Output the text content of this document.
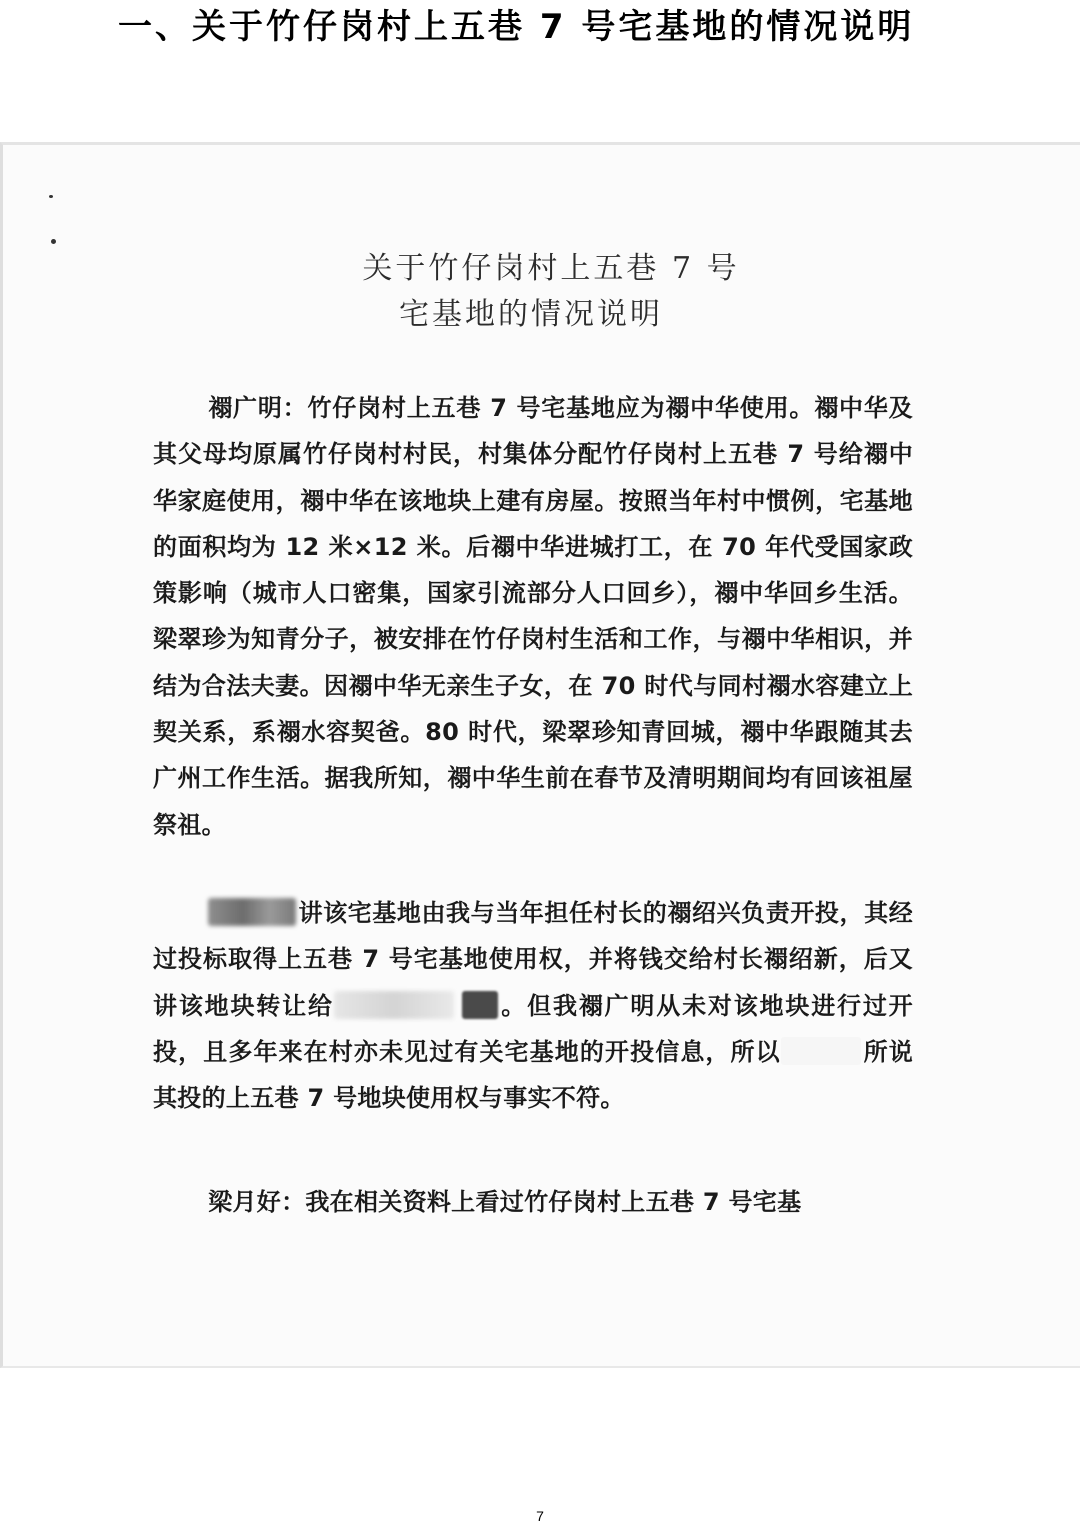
一、关于竹仔岗村上五巷 7 号宅基地的情况说明
关于竹仔岗村上五巷 7 号
宅基地的情况说明
禤广明：竹仔岗村上五巷 7 号宅基地应为禤中华使用。禤中华及其父母均原属竹仔岗村村民，村集体分配竹仔岗村上五巷 7 号给禤中华家庭使用，禤中华在该地块上建有房屋。按照当年村中惯例，宅基地的面积均为 12 米×12 米。后禤中华进城打工，在 70 年代受国家政策影响（城市人口密集，国家引流部分人口回乡），禤中华回乡生活。梁翠珍为知青分子，被安排在竹仔岗村生活和工作，与禤中华相识，并结为合法夫妻。因禤中华无亲生子女，在 70 时代与同村禤水容建立上契关系，系禤水容契爸。80 时代，梁翠珍知青回城，禤中华跟随其去广州工作生活。据我所知，禤中华生前在春节及清明期间均有回该祖屋祭祖。
讲该宅基地由我与当年担任村长的禤绍兴负责开投，其经过投标取得上五巷 7 号宅基地使用权，并将钱交给村长禤绍新，后又讲该地块转让给	。但我禤广明从未对该地块进行过开投，且多年来在村亦未见过有关宅基地的开投信息，所以	所说其投的上五巷 7 号地块使用权与事实不符。
梁月好：我在相关资料上看过竹仔岗村上五巷 7 号宅基
7
